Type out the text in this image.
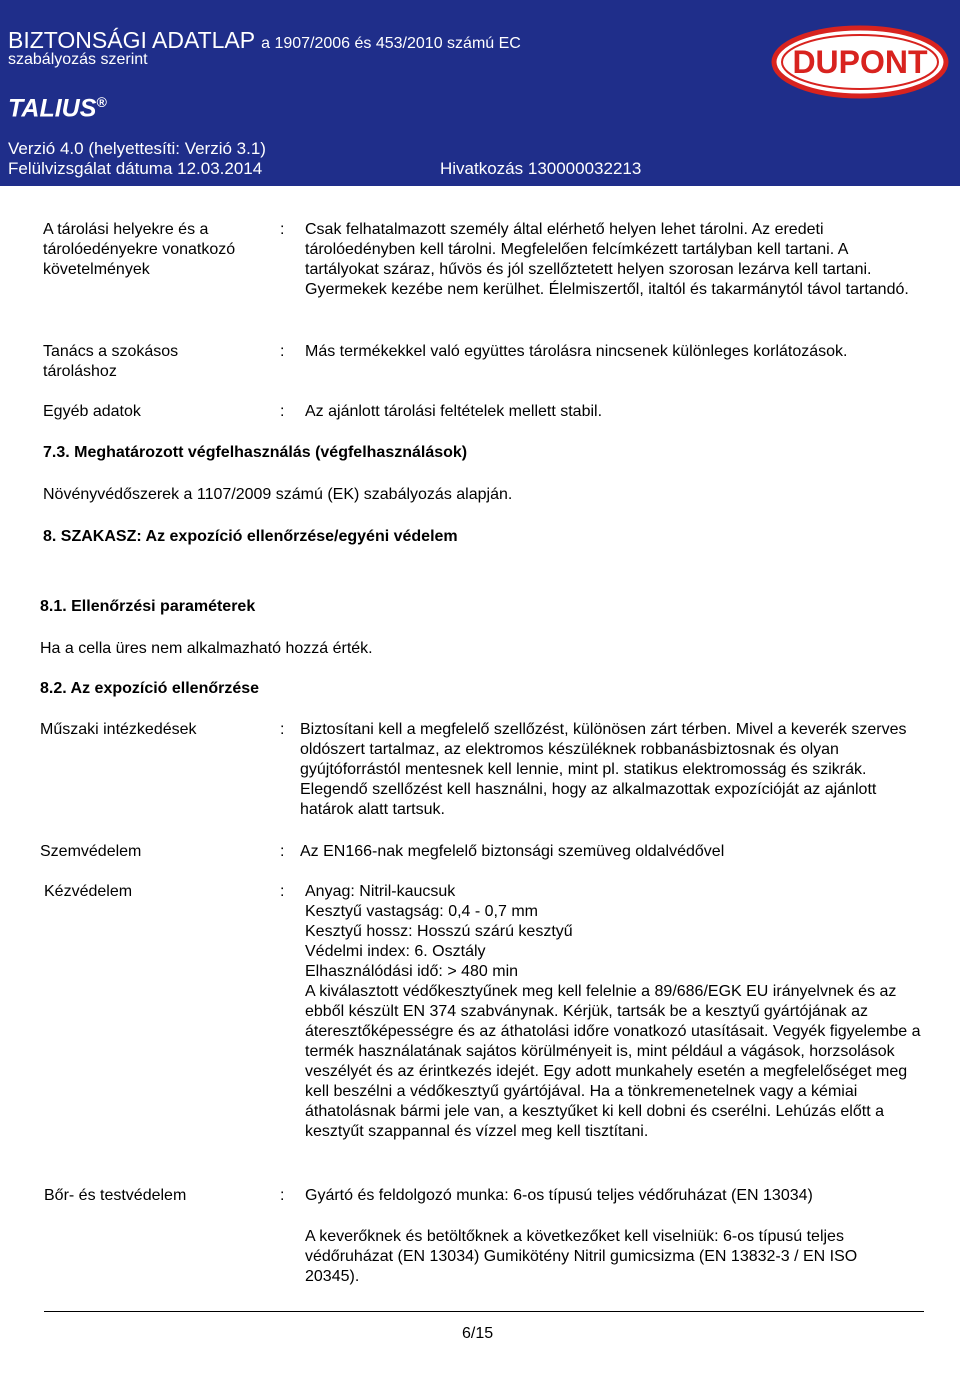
BIZTONSÁGI ADATLAP a 1907/2006 és 453/2010 számú EC
szabályozás szerint
TALIUS®
Verzió 4.0 (helyettesíti: Verzió 3.1)
Felülvizsgálat dátuma 12.03.2014	Hivatkozás 130000032213
DUPONT
A tárolási helyekre és a tárolóedényekre vonatkozó követelmények
: Csak felhatalmazott személy által elérhető helyen lehet tárolni. Az eredeti tárolóedényben kell tárolni. Megfelelően felcímkézett tartályban kell tartani. A tartályokat száraz, hűvös és jól szellőztetett helyen szorosan lezárva kell tartani. Gyermekek kezébe nem kerülhet. Élelmiszertől, italtól és takarmánytól távol tartandó.
Tanács a szokásos tároláshoz
: Más termékekkel való együttes tárolásra nincsenek különleges korlátozások.
Egyéb adatok	: Az ajánlott tárolási feltételek mellett stabil.
7.3. Meghatározott végfelhasználás (végfelhasználások)
Növényvédőszerek a 1107/2009 számú (EK) szabályozás alapján.
8. SZAKASZ: Az expozíció ellenőrzése/egyéni védelem
8.1. Ellenőrzési paraméterek
Ha a cella üres nem alkalmazható hozzá érték.
8.2. Az expozíció ellenőrzése
Műszaki intézkedések	: Biztosítani kell a megfelelő szellőzést, különösen zárt térben. Mivel a keverék szerves oldószert tartalmaz, az elektromos készüléknek robbanásbiztosnak és olyan gyújtóforrástól mentesnek kell lennie, mint pl. statikus elektromosság és szikrák. Elegendő szellőzést kell használni, hogy az alkalmazottak expozícióját az ajánlott határok alatt tartsuk.
Szemvédelem	: Az EN166-nak megfelelő biztonsági szemüveg oldalvédővel
Kézvédelem	: Anyag: Nitril-kaucsuk

Kesztyű vastagság: 0,4 - 0,7 mm

Kesztyű hossz: Hosszú szárú kesztyű

Védelmi index: 6. Osztály

Elhasználódási idő: > 480 min

A kiválasztott védőkesztyűnek meg kell felelnie a 89/686/EGK EU irányelvnek és az ebből készült EN 374 szabványnak. Kérjük, tartsák be a kesztyű gyártójának az áteresztőképességre és az áthatolási időre vonatkozó utasításait. Vegyék figyelembe a termék használatának sajátos körülményeit is, mint például a vágások, horzsolások veszélyét és az érintkezés idejét. Egy adott munkahely esetén a megfelelőséget meg kell beszélni a védőkesztyű gyártójával. Ha a tönkremenetelnek vagy a kémiai áthatolásnak bármi jele van, a kesztyűket ki kell dobni és cserélni. Lehúzás előtt a kesztyűt szappannal és vízzel meg kell tisztítani.

Bőr- és testvédelem	: Gyártó és feldolgozó munka: 6-os típusú teljes védőruházat (EN 13034)
A keverőknek és betöltőknek a következőket kell viselniük: 6-os típusú teljes védőruházat (EN 13034) Gumikötény Nitril gumicsizma (EN 13832-3 / EN ISO 20345).
6/15
